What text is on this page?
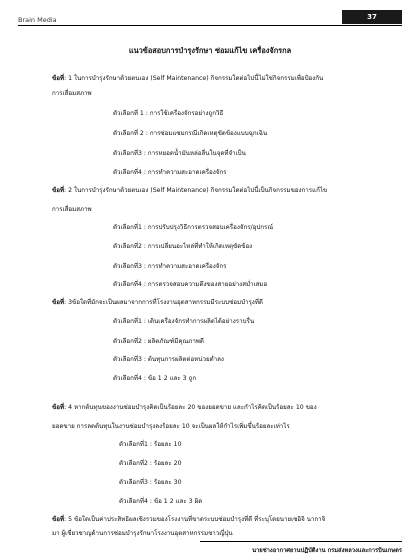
Brain Media	37
แนวข้อสอบการบำรุงรักษา ซ่อมแก้ไข เครื่องจักรกล
ข้อที่: 1 ในการบำรุงรักษาด้วยตนเอง (Self Maintenance) กิจกรรมใดต่อไปนี้ไม่ใช่กิจกรรมเพื่อป้องกัน
การเสื่อมสภาพ
ตัวเลือกที่ 1 : การใช้เครื่องจักรอย่างถูกวิธี
ตัวเลือกที่ 2 : การซ่อมแซมกรณีเกิดเหตุขัดข้องแบบฉุกเฉิน
ตัวเลือกที่3 : การหยอดน้ำมันหล่อลื่นในจุดที่จำเป็น
ตัวเลือกที่4 : การทำความสะอาดเครื่องจักร
ข้อที่: 2 ในการบำรุงรักษาด้วยตนเอง (Self Maintenance) กิจกรรมใดต่อไปนี้เป็นกิจกรรมของการแก้ไข
การเสื่อมสภาพ
ตัวเลือกที่1 : การปรับปรุงวิธีการตรวจสอบเครื่องจักร/อุปกรณ์
ตัวเลือกที่2 : การเปลี่ยนอะไหล่ที่ทำให้เกิดเหตุขัดข้อง
ตัวเลือกที่3 : การทำความสะอาดเครื่องจักร
ตัวเลือกที่4 : การตรวจสอบความตึงของสายอย่างสม่ำเสมอ
ข้อที่: 3ข้อใดที่มักจะเป็นผลมาจากการที่โรงงานอุตสาหกรรมมีระบบซ่อมบำรุงที่ดี
ตัวเลือกที่1 : เดินเครื่องจักรทำการผลิตได้อย่างราบรื่น
ตัวเลือกที่2 : ผลิตภัณฑ์มีคุณภาพดี
ตัวเลือกที่3 : ต้นทุนการผลิตต่อหน่วยต่ำลง
ตัวเลือกที่4 : ข้อ 1 2 และ 3 ถูก
ข้อที่: 4 หากต้นทุนของงานซ่อมบำรุงคิดเป็นร้อยละ 20 ของยอดขาย และกำไรคิดเป็นร้อยละ 10 ของ
ยอดขาย การลดต้นทุนในงานซ่อมบำรุงลงร้อยละ 10 จะเป็นผลให้กำไรเพิ่มขึ้นร้อยละเท่าไร
ตัวเลือกที่1 : ร้อยละ 10
ตัวเลือกที่2 : ร้อยละ 20
ตัวเลือกที่3 : ร้อยละ 30
ตัวเลือกที่4 : ข้อ 1 2 และ 3 ผิด
ข้อที่: 5 ข้อใดเป็นค่าประสิทธิผลเชิงรวมของโรงงานที่ขาดระบบซ่อมบำรุงที่ดี ที่ระบุโดยนายเซอิจิ นากาจิ
มา ผู้เชี่ยวชาญด้านการซ่อมบำรุงรักษาโรงงานอุตสาหกรรมชาวญี่ปุ่น
นายช่างอากาศยานปฏิบัติงาน กรมส่งหลวงและการบินเกษตร
